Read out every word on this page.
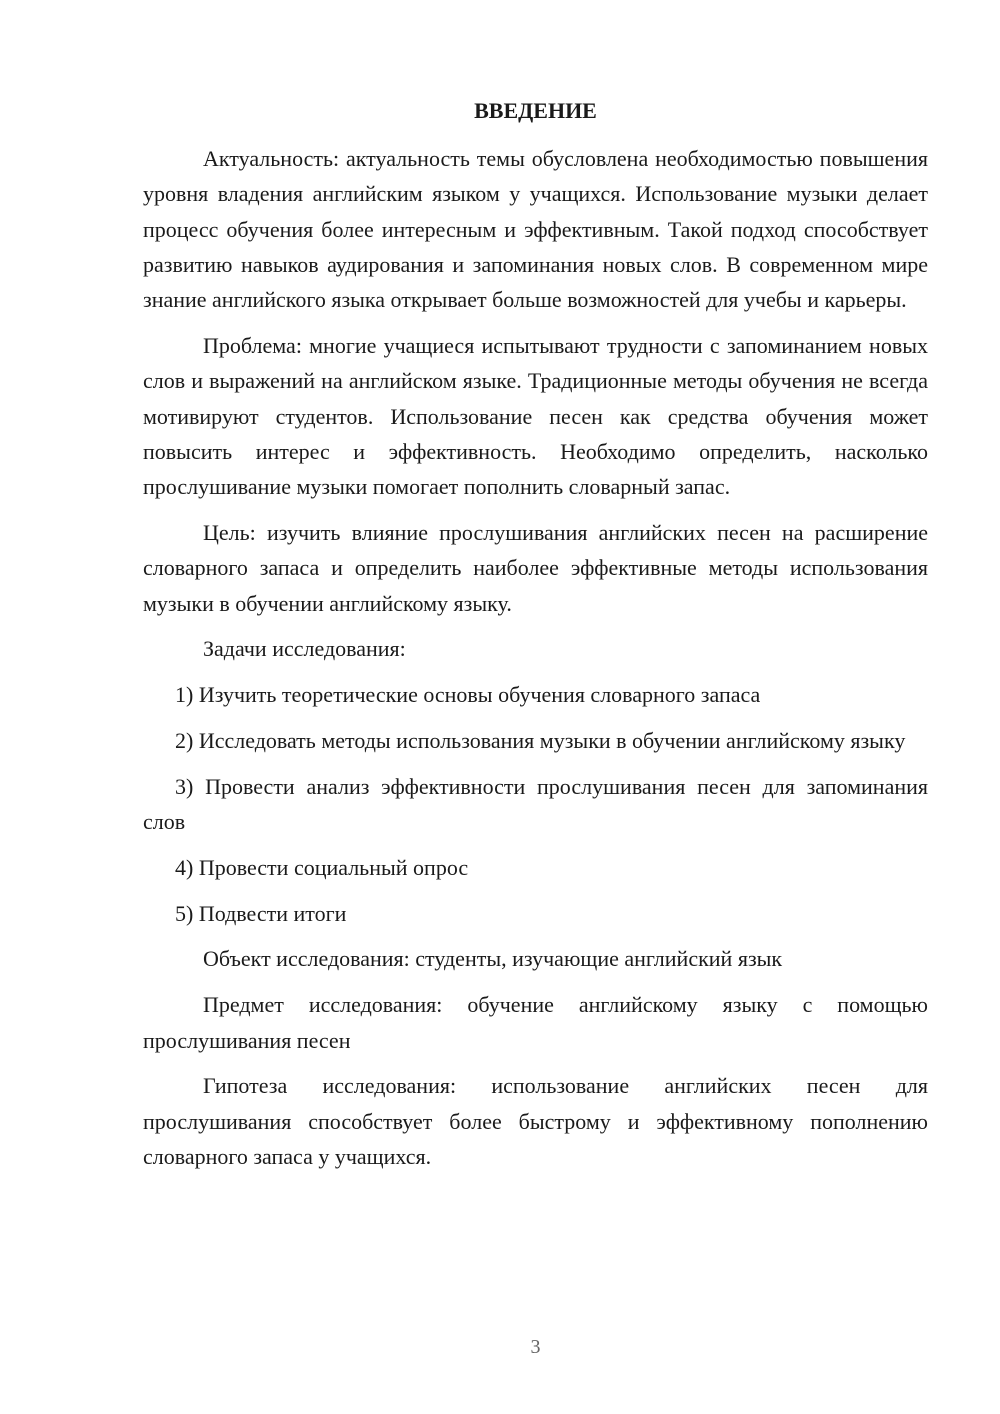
ВВЕДЕНИЕ

Актуальность: актуальность темы обусловлена необходимостью повышения уровня владения английским языком у учащихся. Использование музыки делает процесс обучения более интересным и эффективным. Такой подход способствует развитию навыков аудирования и запоминания новых слов. В современном мире знание английского языка открывает больше возможностей для учебы и карьеры.

Проблема: многие учащиеся испытывают трудности с запоминанием новых слов и выражений на английском языке. Традиционные методы обучения не всегда мотивируют студентов. Использование песен как средства обучения может повысить интерес и эффективность. Необходимо определить, насколько прослушивание музыки помогает пополнить словарный запас.

Цель: изучить влияние прослушивания английских песен на расширение словарного запаса и определить наиболее эффективные методы использования музыки в обучении английскому языку.

Задачи исследования:

1) Изучить теоретические основы обучения словарного запаса

2) Исследовать методы использования музыки в обучении английскому языку

3) Провести анализ эффективности прослушивания песен для запоминания слов

4) Провести социальный опрос

5) Подвести итоги

Объект исследования: студенты, изучающие английский язык

Предмет исследования: обучение английскому языку с помощью прослушивания песен

Гипотеза исследования: использование английских песен для прослушивания способствует более быстрому и эффективному пополнению словарного запаса у учащихся.

3
